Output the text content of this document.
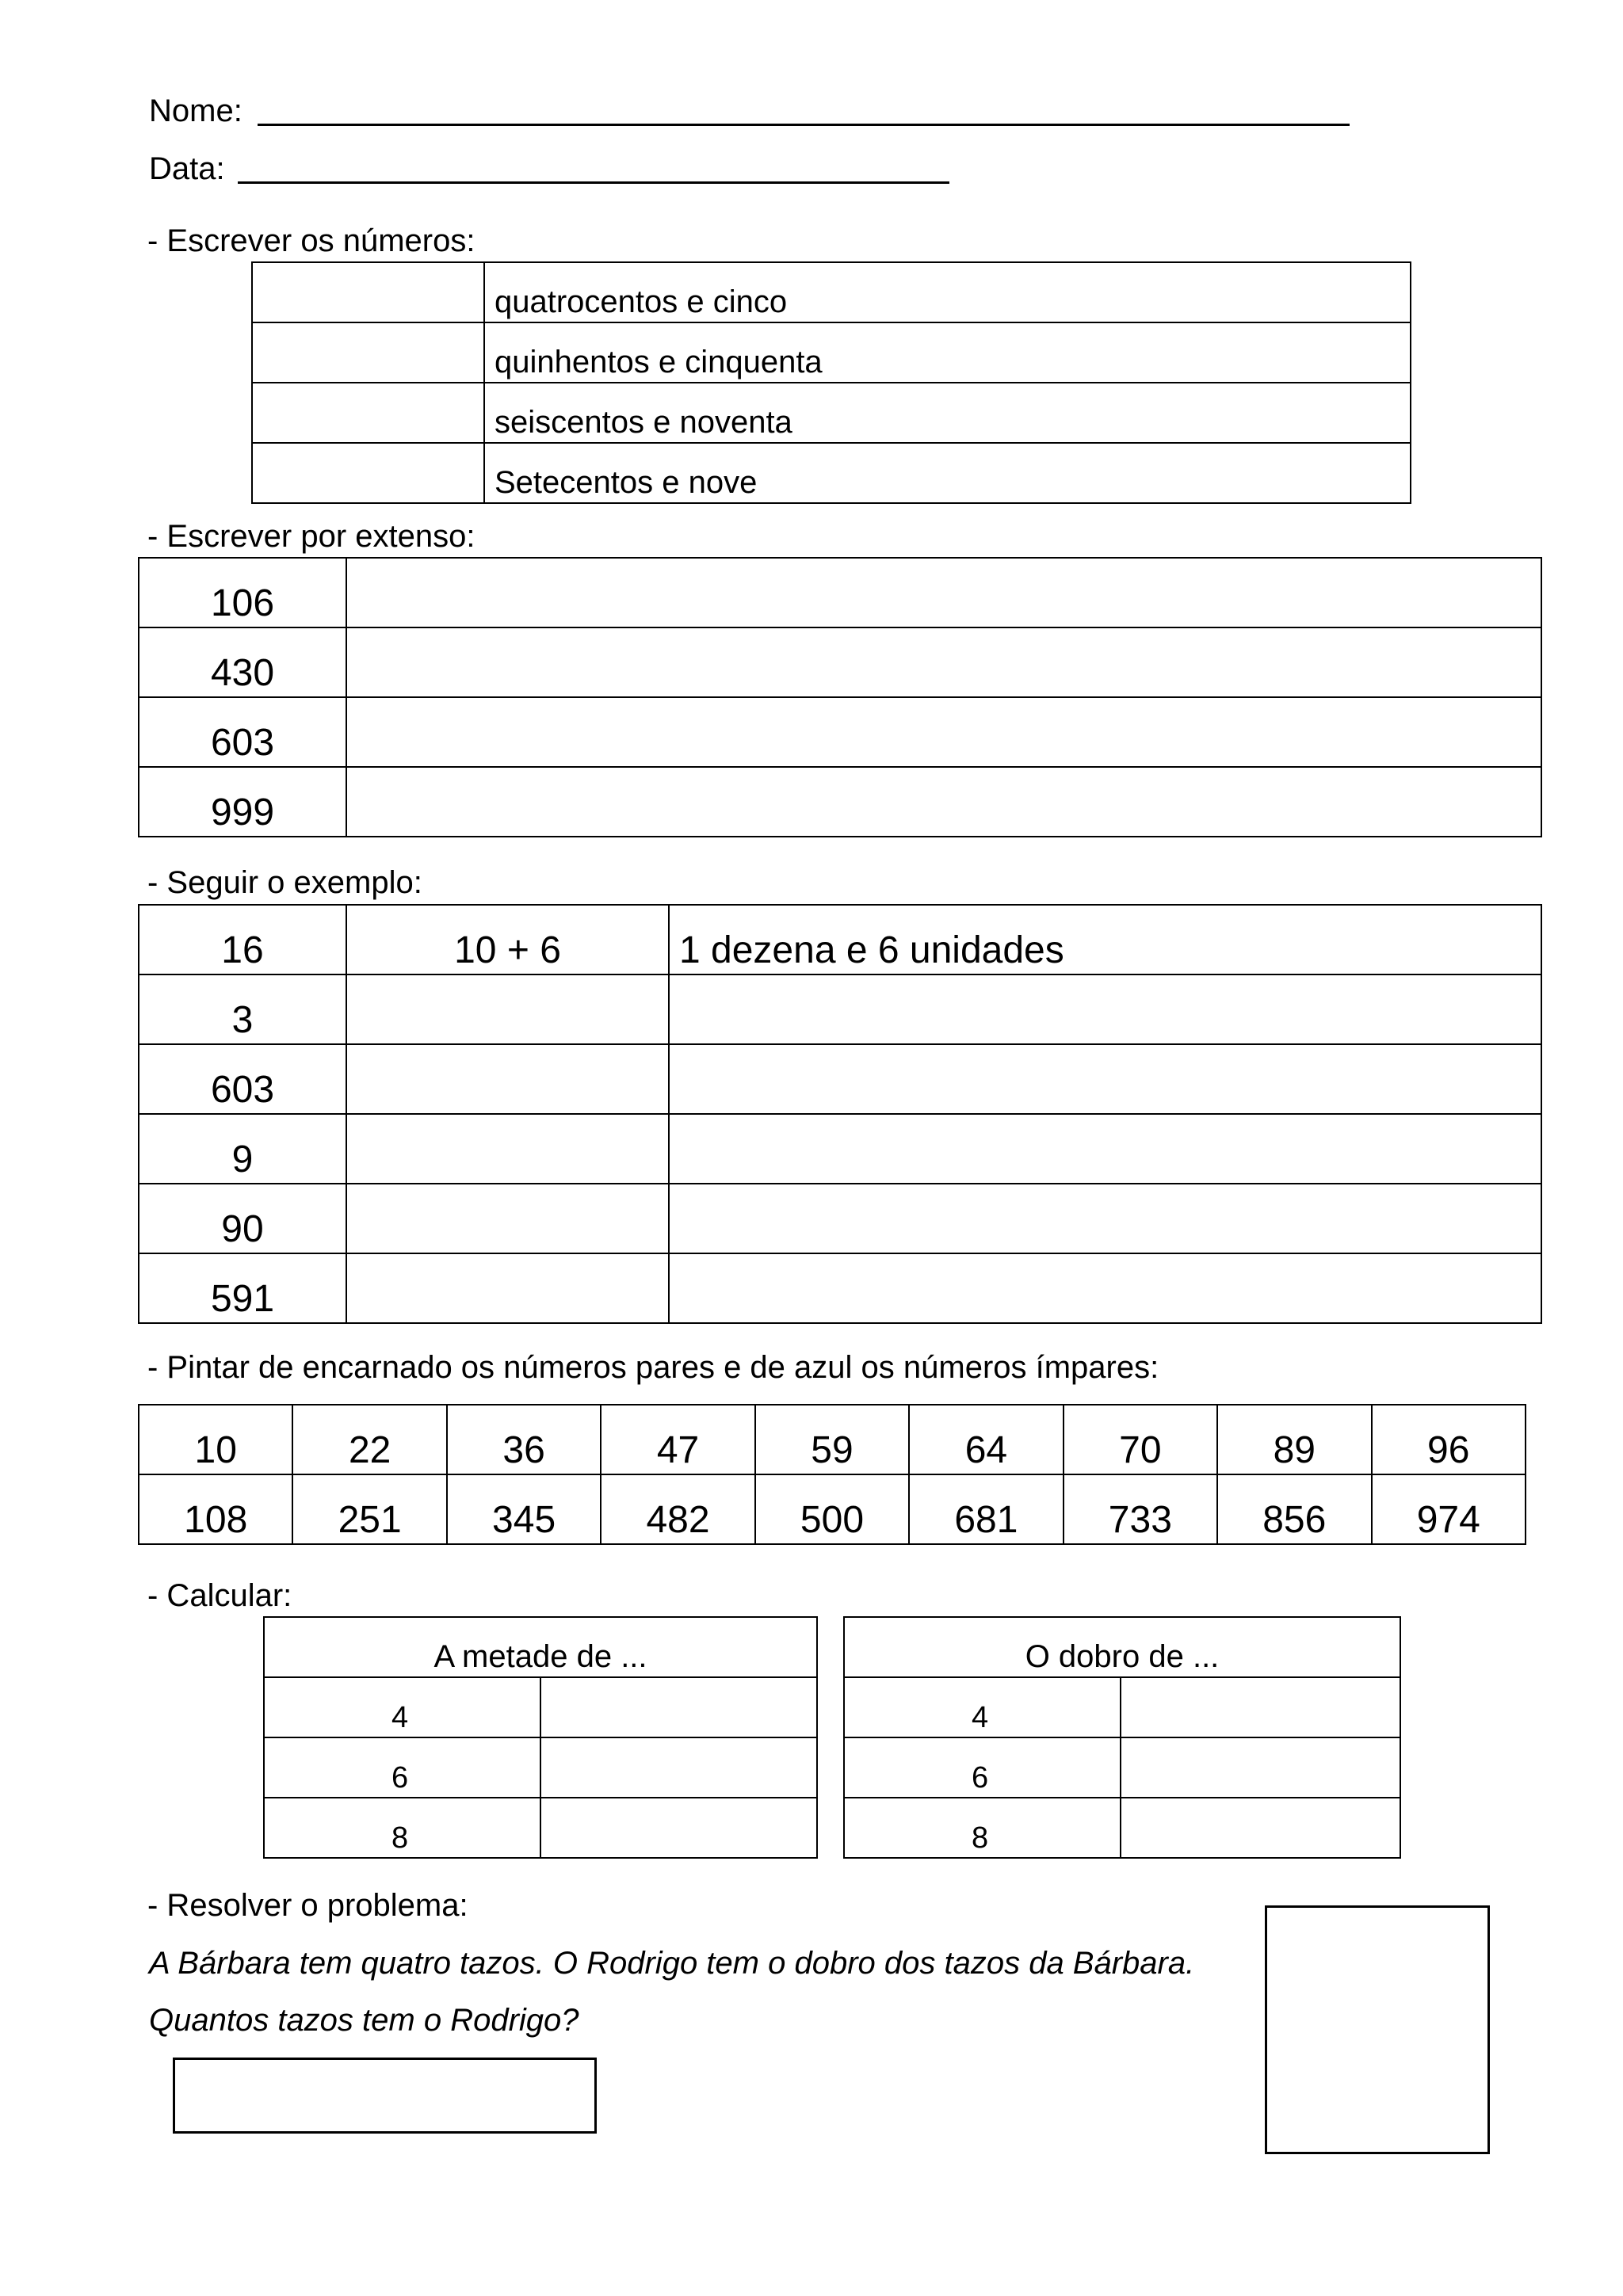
Nome:
Data:
- Escrever os números:
	quatrocentos e cinco
	quinhentos e cinquenta
	seiscentos e noventa
	Setecentos e nove
- Escrever por extenso:
106	
430	
603	
999	
- Seguir o exemplo:
16	10 + 6	1 dezena e 6 unidades
3		
603		
9		
90		
591		
- Pintar de encarnado os números pares e de azul os números ímpares:
10	22	36	47	59	64	70	89	96
108	251	345	482	500	681	733	856	974
- Calcular:
A metade de ...	
4	
6	
8	
O dobro de ...	
4	
6	
8	
- Resolver o problema:
A Bárbara tem quatro tazos. O Rodrigo tem o dobro dos tazos da Bárbara.
Quantos tazos tem o Rodrigo?
